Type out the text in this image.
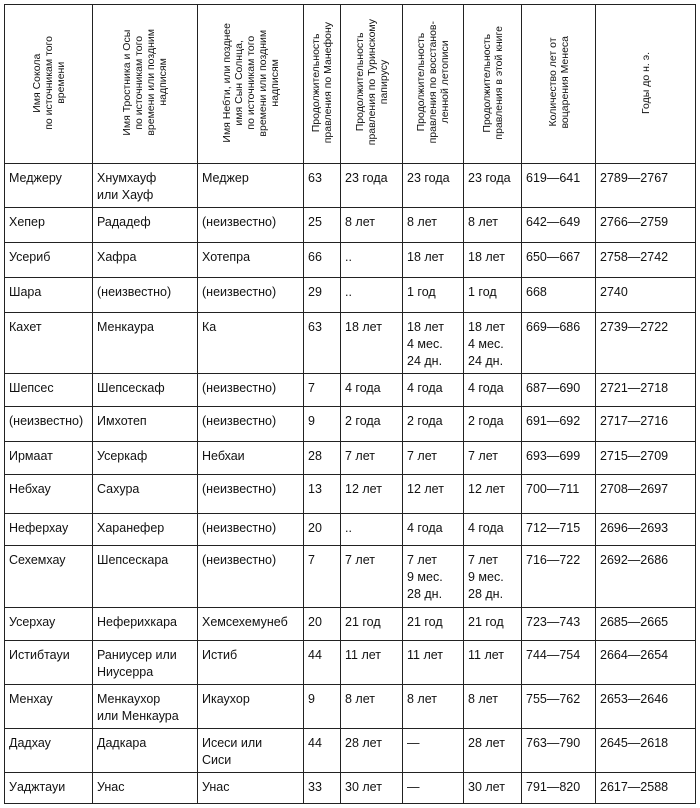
Имя Сокола
по источникам того
времени	Имя Тростника и Осы
по источникам того
времени или поздним
надписям	Имя Небти, или позднее
имя Сын Солнца,
по источникам того
времени или поздним
надписям	Продолжительность
правления по Манефону	Продолжительность
правления по Туринскому
папирусу	Продолжительность
правления по восстанов-
ленной летописи	Продолжительность
правления в этой книге	Количество лет от
воцарения Менеса	Годы до н. э.
Меджеру	Хнумхауф
или Хауф	Меджер	63	23 года	23 года	23 года	619—641	2789—2767
Хепер	Рададеф	(неизвестно)	25	8 лет	8 лет	8 лет	642—649	2766—2759
Усериб	Хафра	Хотепра	66	..	18 лет	18 лет	650—667	2758—2742
Шара	(неизвестно)	(неизвестно)	29	..	1 год	1 год	668	2740
Кахет	Менкаура	Ка	63	18 лет	18 лет
4 мес.
24 дн.	18 лет
4 мес.
24 дн.	669—686	2739—2722
Шепсес	Шепсескаф	(неизвестно)	7	4 года	4 года	4 года	687—690	2721—2718
(неизвестно)	Имхотеп	(неизвестно)	9	2 года	2 года	2 года	691—692	2717—2716
Ирмаат	Усеркаф	Небхаи	28	7 лет	7 лет	7 лет	693—699	2715—2709
Небхау	Сахура	(неизвестно)	13	12 лет	12 лет	12 лет	700—711	2708—2697
Неферхау	Харанефер	(неизвестно)	20	..	4 года	4 года	712—715	2696—2693
Сехемхау	Шепсескара	(неизвестно)	7	7 лет	7 лет
9 мес.
28 дн.	7 лет
9 мес.
28 дн.	716—722	2692—2686
Усерхау	Неферихкара	Хемсехемунеб	20	21 год	21 год	21 год	723—743	2685—2665
Истибтауи	Раниусер или
Ниусерра	Истиб	44	11 лет	11 лет	11 лет	744—754	2664—2654
Менхау	Менкаухор
или Менкаура	Икаухор	9	8 лет	8 лет	8 лет	755—762	2653—2646
Дадхау	Дадкара	Исеси или
Сиси	44	28 лет	—	28 лет	763—790	2645—2618
Уаджтауи	Унас	Унас	33	30 лет	—	30 лет	791—820	2617—2588
